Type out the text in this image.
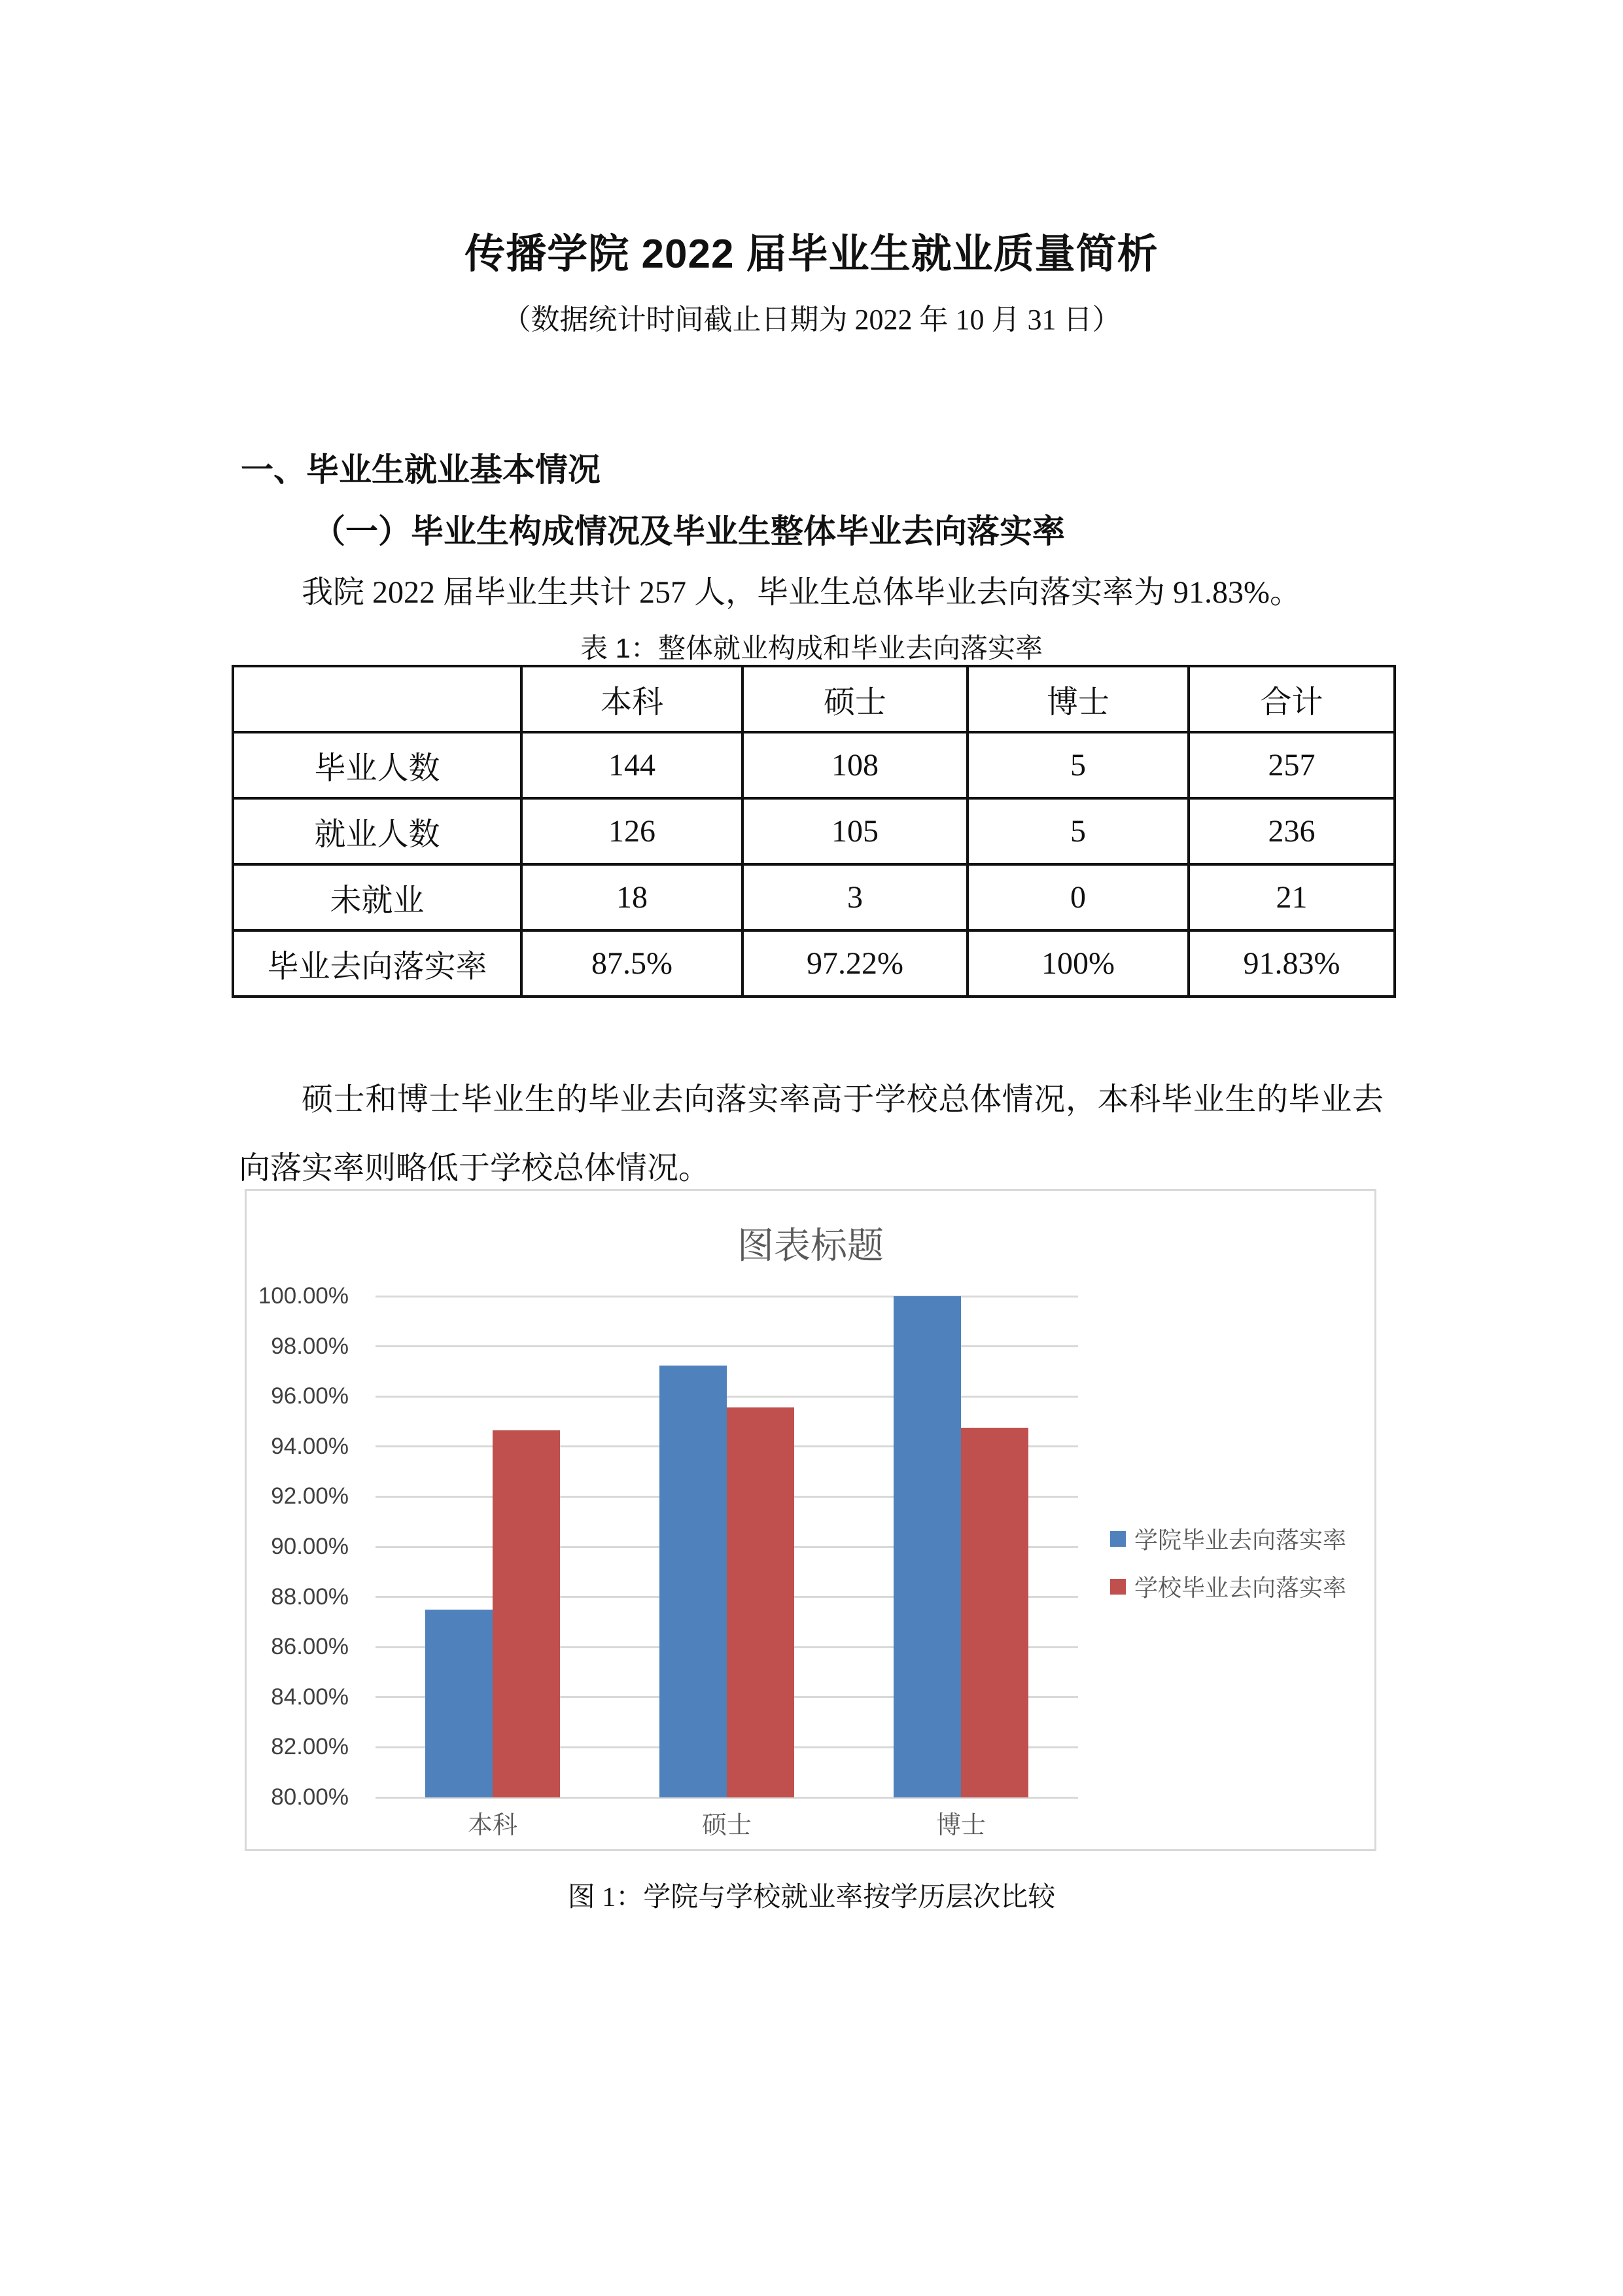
传播学院 2022 届毕业生就业质量简析
（数据统计时间截止日期为 2022 年 10 月 31 日）
一、毕业生就业基本情况
（一）毕业生构成情况及毕业生整体毕业去向落实率
我院 2022 届毕业生共计 257 人，毕业生总体毕业去向落实率为 91.83%。
表 1：整体就业构成和毕业去向落实率
	本科	硕士	博士	合计
毕业人数	144	108	5	257
就业人数	126	105	5	236
未就业	18	3	0	21
毕业去向落实率	87.5%	97.22%	100%	91.83%
硕士和博士毕业生的毕业去向落实率高于学校总体情况，本科毕业生的毕业去向落实率则略低于学校总体情况。
图表标题
80.00%
82.00%
84.00%
86.00%
88.00%
90.00%
92.00%
94.00%
96.00%
98.00%
100.00%
本科	硕士	博士
学院毕业去向落实率
学校毕业去向落实率
图 1：学院与学校就业率按学历层次比较
